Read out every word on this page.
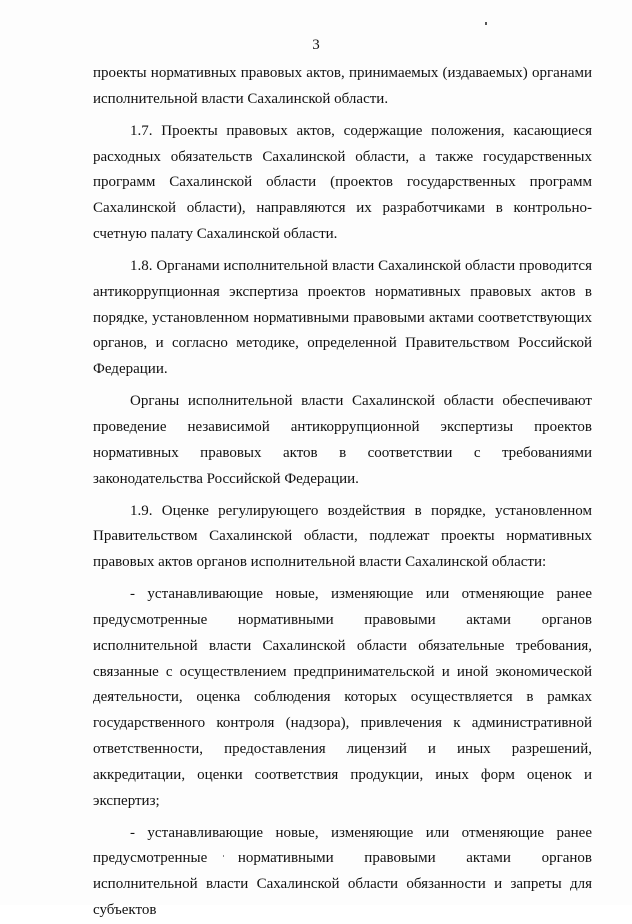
3

проекты нормативных правовых актов, принимаемых (издаваемых) органами исполнительной власти Сахалинской области.

1.7. Проекты правовых актов, содержащие положения, касающиеся расходных обязательств Сахалинской области, а также государственных программ Сахалинской области (проектов государственных программ Сахалинской области), направляются их разработчиками в контрольно-счетную палату Сахалинской области.

1.8. Органами исполнительной власти Сахалинской области проводится антикоррупционная экспертиза проектов нормативных правовых актов в порядке, установленном нормативными правовыми актами соответствующих органов, и согласно методике, определенной Правительством Российской Федерации.

Органы исполнительной власти Сахалинской области обеспечивают проведение независимой антикоррупционной экспертизы проектов нормативных правовых актов в соответствии с требованиями законодательства Российской Федерации.

1.9. Оценке регулирующего воздействия в порядке, установленном Правительством Сахалинской области, подлежат проекты нормативных правовых актов органов исполнительной власти Сахалинской области:

- устанавливающие новые, изменяющие или отменяющие ранее предусмотренные нормативными правовыми актами органов исполнительной власти Сахалинской области обязательные требования, связанные с осуществлением предпринимательской и иной экономической деятельности, оценка соблюдения которых осуществляется в рамках государственного контроля (надзора), привлечения к административной ответственности, предоставления лицензий и иных разрешений, аккредитации, оценки соответствия продукции, иных форм оценок и экспертиз;

- устанавливающие новые, изменяющие или отменяющие ранее предусмотренные нормативными правовыми актами органов исполнительной власти Сахалинской области обязанности и запреты для субъектов
